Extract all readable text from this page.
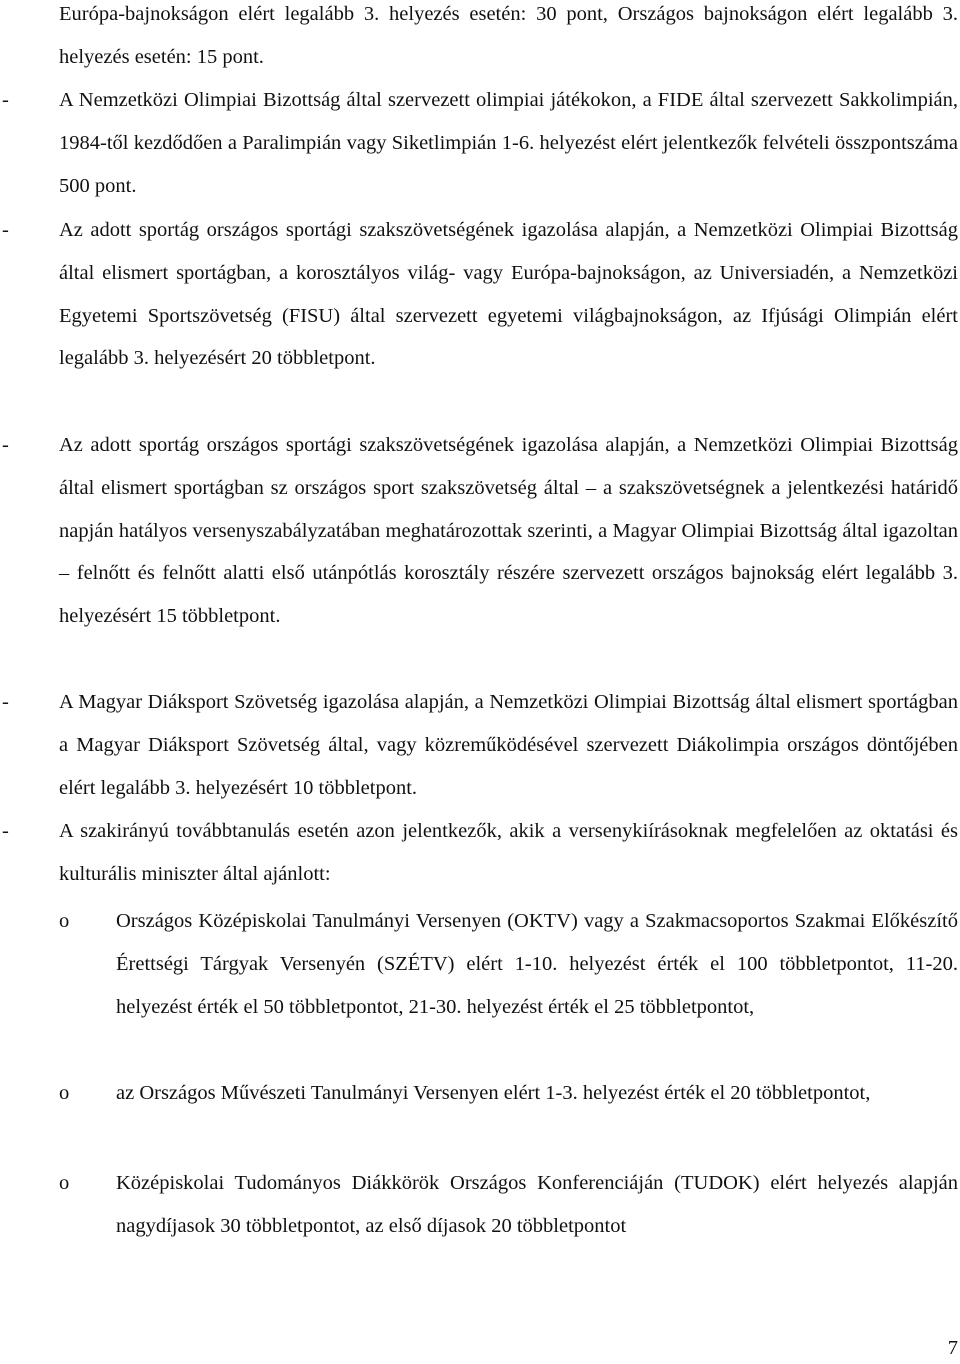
Európa-bajnokságon elért legalább 3. helyezés esetén: 30 pont, Országos bajnokságon elért legalább 3. helyezés esetén: 15 pont.
-	A Nemzetközi Olimpiai Bizottság által szervezett olimpiai játékokon, a FIDE által szervezett Sakkolimpián, 1984-től kezdődően a Paralimpián vagy Siketlimpián 1-6. helyezést elért jelentkezők felvételi összpontszáma 500 pont.
-	Az adott sportág országos sportági szakszövetségének igazolása alapján, a Nemzetközi Olimpiai Bizottság által elismert sportágban, a korosztályos világ- vagy Európa-bajnokságon, az Universiadén, a Nemzetközi Egyetemi Sportszövetség (FISU) által szervezett egyetemi világbajnokságon, az Ifjúsági Olimpián elért legalább 3. helyezésért 20 többletpont.
-	Az adott sportág országos sportági szakszövetségének igazolása alapján, a Nemzetközi Olimpiai Bizottság által elismert sportágban sz országos sport szakszövetség által – a szakszövetségnek a jelentkezési határidő napján hatályos versenyszabályzatában meghatározottak szerinti, a Magyar Olimpiai Bizottság által igazoltan – felnőtt és felnőtt alatti első utánpótlás korosztály részére szervezett országos bajnokság elért legalább 3. helyezésért 15 többletpont.
-	A Magyar Diáksport Szövetség igazolása alapján, a Nemzetközi Olimpiai Bizottság által elismert sportágban a Magyar Diáksport Szövetség által, vagy közreműködésével szervezett Diákolimpia országos döntőjében elért legalább 3. helyezésért 10 többletpont.
-	A szakirányú továbbtanulás esetén azon jelentkezők, akik a versenykiírásoknak megfelelően az oktatási és kulturális miniszter által ajánlott:
o	Országos Középiskolai Tanulmányi Versenyen (OKTV) vagy a Szakmacsoportos Szakmai Előkészítő Érettségi Tárgyak Versenyén (SZÉTV) elért 1-10. helyezést érték el 100 többletpontot, 11-20. helyezést érték el 50 többletpontot, 21-30. helyezést érték el 25 többletpontot,
o	az Országos Művészeti Tanulmányi Versenyen elért 1-3. helyezést érték el 20 többletpontot,
o	Középiskolai Tudományos Diákkörök Országos Konferenciáján (TUDOK) elért helyezés alapján nagydíjasok 30 többletpontot, az első díjasok 20 többletpontot
7
